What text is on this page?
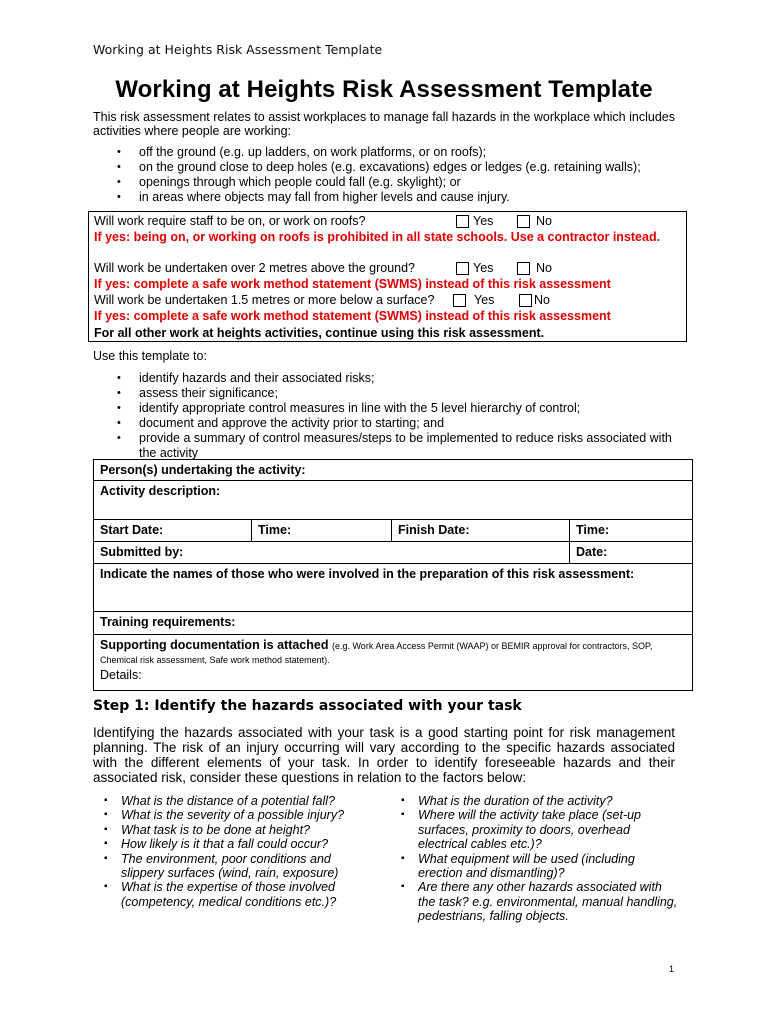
Working at Heights Risk Assessment Template
Working at Heights Risk Assessment Template
This risk assessment relates to assist workplaces to manage fall hazards in the workplace which includes activities where people are working:
• off the ground (e.g. up ladders, on work platforms, or on roofs);
• on the ground close to deep holes (e.g. excavations) edges or ledges (e.g. retaining walls);
• openings through which people could fall (e.g. skylight); or
• in areas where objects may fall from higher levels and cause injury.
Will work require staff to be on, or work on roofs?	Yes	No
If yes: being on, or working on roofs is prohibited in all state schools. Use a contractor instead.
Will work be undertaken over 2 metres above the ground?	Yes	No
If yes: complete a safe work method statement (SWMS) instead of this risk assessment
Will work be undertaken 1.5 metres or more below a surface?	Yes	No
If yes: complete a safe work method statement (SWMS) instead of this risk assessment
For all other work at heights activities, continue using this risk assessment.
Use this template to:
• identify hazards and their associated risks;
• assess their significance;
• identify appropriate control measures in line with the 5 level hierarchy of control;
• document and approve the activity prior to starting; and
• provide a summary of control measures/steps to be implemented to reduce risks associated with the activity
Person(s) undertaking the activity:			
Activity description:			
Start Date:	Time:	Finish Date:	Time:
Submitted by:			Date:
Indicate the names of those who were involved in the preparation of this risk assessment:			
Training requirements:			
Supporting documentation is attached (e.g. Work Area Access Permit (WAAP) or BEMIR approval for contractors, SOP, Chemical risk assessment, Safe work method statement).
Details:			
Step 1: Identify the hazards associated with your task
Identifying the hazards associated with your task is a good starting point for risk management planning. The risk of an injury occurring will vary according to the specific hazards associated with the different elements of your task. In order to identify foreseeable hazards and their associated risk, consider these questions in relation to the factors below:
▪ What is the distance of a potential fall?
▪ What is the severity of a possible injury?
▪ What task is to be done at height?
▪ How likely is it that a fall could occur?
▪ The environment, poor conditions and slippery surfaces (wind, rain, exposure)
▪ What is the expertise of those involved (competency, medical conditions etc.)?
▪ What is the duration of the activity?
▪ Where will the activity take place (set-up surfaces, proximity to doors, overhead electrical cables etc.)?
▪ What equipment will be used (including erection and dismantling)?
▪ Are there any other hazards associated with the task? e.g. environmental, manual handling, pedestrians, falling objects.
1
